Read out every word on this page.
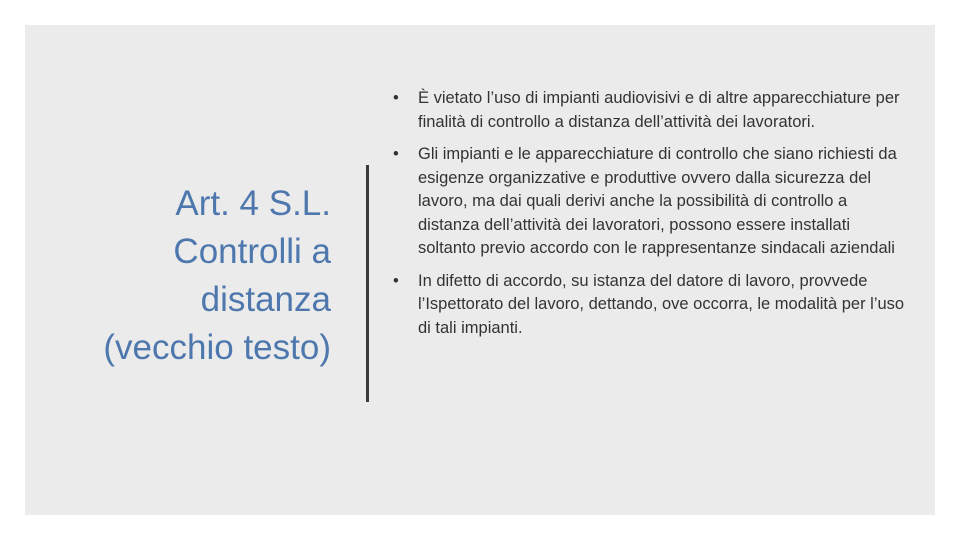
Art. 4 S.L.
Controlli a
distanza
(vecchio testo)
• È vietato l’uso di impianti audiovisivi e di altre apparecchiature per finalità di controllo a distanza dell’attività dei lavoratori.
• Gli impianti e le apparecchiature di controllo che siano richiesti da esigenze organizzative e produttive ovvero dalla sicurezza del lavoro, ma dai quali derivi anche la possibilità di controllo a distanza dell’attività dei lavoratori, possono essere installati soltanto previo accordo con le rappresentanze sindacali aziendali
• In difetto di accordo, su istanza del datore di lavoro, provvede l’Ispettorato del lavoro, dettando, ove occorra, le modalità per l’uso di tali impianti.
